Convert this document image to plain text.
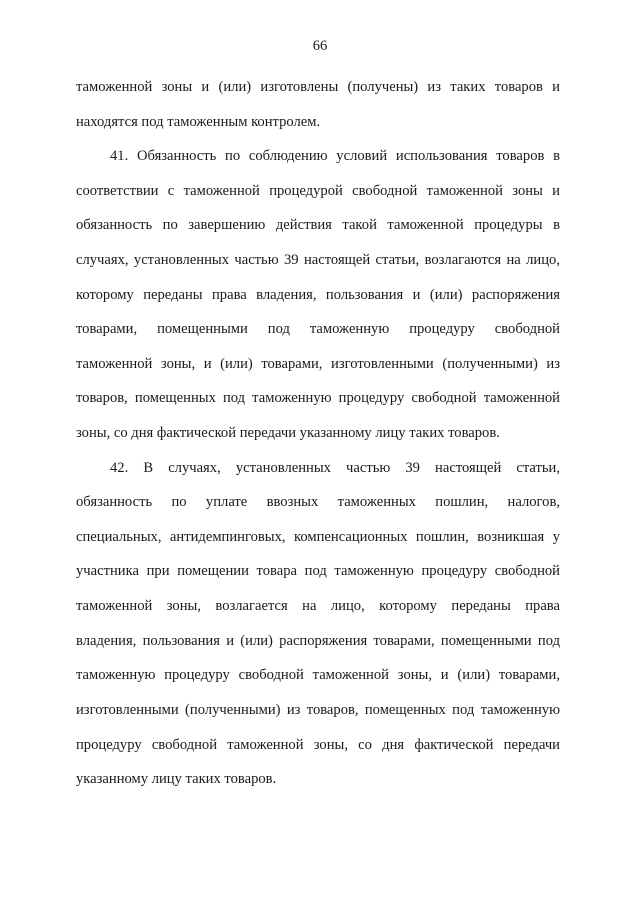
66
таможенной зоны и (или) изготовлены (получены) из таких товаров и
находятся под таможенным контролем.
41. Обязанность по соблюдению условий использования товаров в
соответствии с таможенной процедурой свободной таможенной зоны и
обязанность по завершению действия такой таможенной процедуры в
случаях, установленных частью 39 настоящей статьи, возлагаются на лицо,
которому переданы права владения, пользования и (или) распоряжения
товарами, помещенными под таможенную процедуру свободной
таможенной зоны, и (или) товарами, изготовленными (полученными) из
товаров, помещенных под таможенную процедуру свободной таможенной
зоны, со дня фактической передачи указанному лицу таких товаров.
42. В случаях, установленных частью 39 настоящей статьи,
обязанность по уплате ввозных таможенных пошлин, налогов,
специальных, антидемпинговых, компенсационных пошлин, возникшая у
участника при помещении товара под таможенную процедуру свободной
таможенной зоны, возлагается на лицо, которому переданы права
владения, пользования и (или) распоряжения товарами, помещенными под
таможенную процедуру свободной таможенной зоны, и (или) товарами,
изготовленными (полученными) из товаров, помещенных под таможенную
процедуру свободной таможенной зоны, со дня фактической передачи
указанному лицу таких товаров.
